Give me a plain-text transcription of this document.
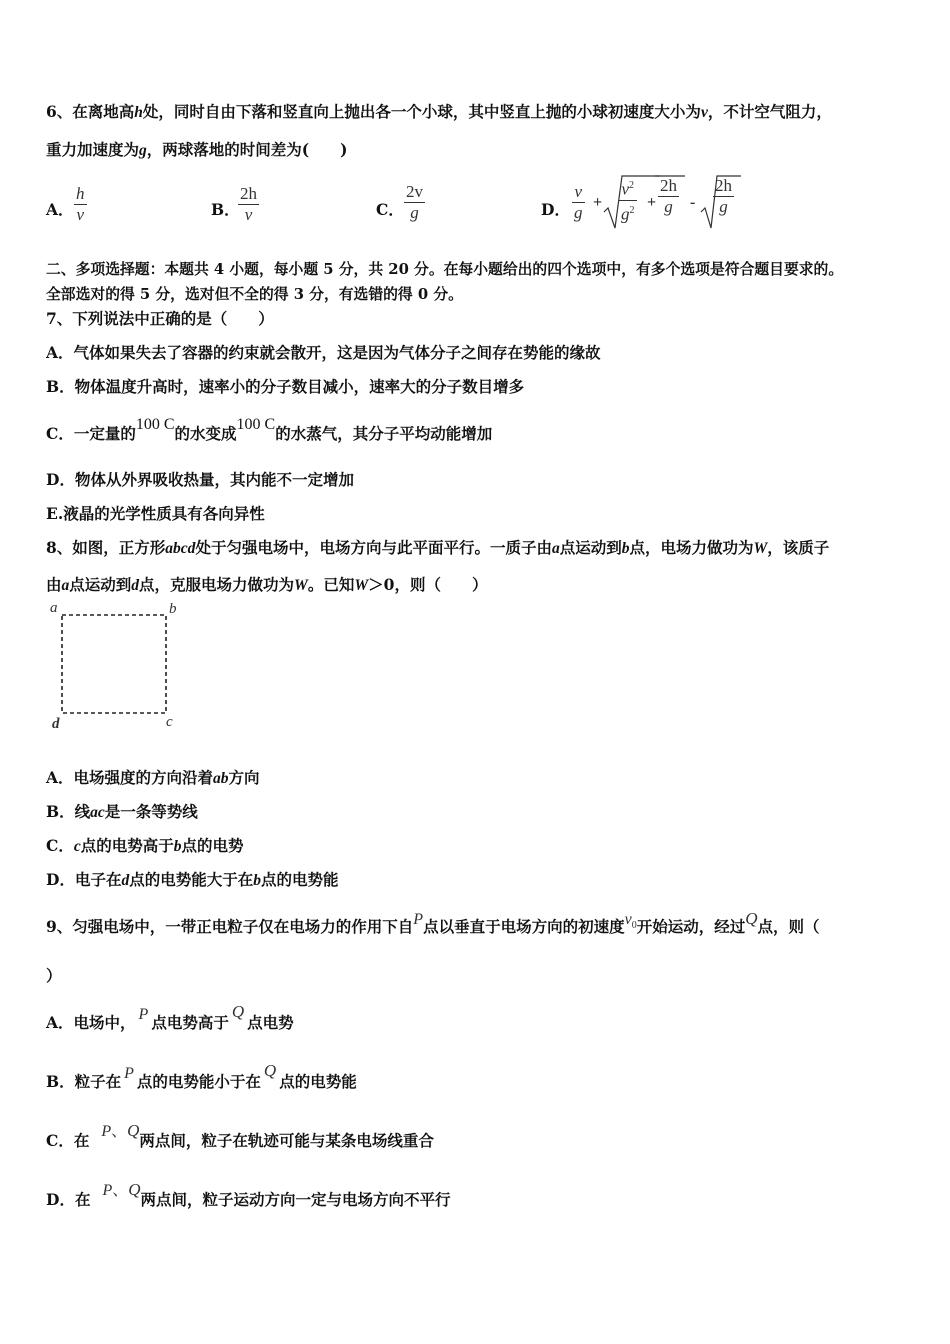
6、在离地高h处，同时自由下落和竖直向上抛出各一个小球，其中竖直上抛的小球初速度大小为v，不计空气阻力，
重力加速度为g，两球落地的时间差为(　　)
A．
h
v	B．
2h
v	C．
2v
g	D．
v
g
+
$v^2$
$g^2$ +
2h
g -
2h
g
二、多项选择题：本题共 4 小题，每小题 5 分，共 20 分。在每小题给出的四个选项中，有多个选项是符合题目要求的。
全部选对的得 5 分，选对但不全的得 3 分，有选错的得 0 分。
7、下列说法中正确的是（　　）
A．气体如果失去了容器的约束就会散开，这是因为气体分子之间存在势能的缘故
B．物体温度升高时，速率小的分子数目减小，速率大的分子数目增多
C．一定量的100 C的水变成100 C的水蒸气，其分子平均动能增加
D．物体从外界吸收热量，其内能不一定增加
E.液晶的光学性质具有各向异性
8、如图，正方形abcd处于匀强电场中，电场方向与此平面平行。一质子由a点运动到b点，电场力做功为W，该质子
由a点运动到d点，克服电场力做功为W。已知W＞0，则（　　）
a	b
c
d
A．电场强度的方向沿着ab方向
B．线ac是一条等势线
C．c点的电势高于b点的电势
D．电子在d点的电势能大于在b点的电势能
9、匀强电场中，一带正电粒子仅在电场力的作用下自P点以垂直于电场方向的初速度$v_0$开始运动，经过Q点，则（
）
A．电场中， P 点电势高于Q点电势
B．粒子在 P 点的电势能小于在Q点的电势能
C．在 P、Q两点间，粒子在轨迹可能与某条电场线重合
D．在 P、Q两点间，粒子运动方向一定与电场方向不平行
